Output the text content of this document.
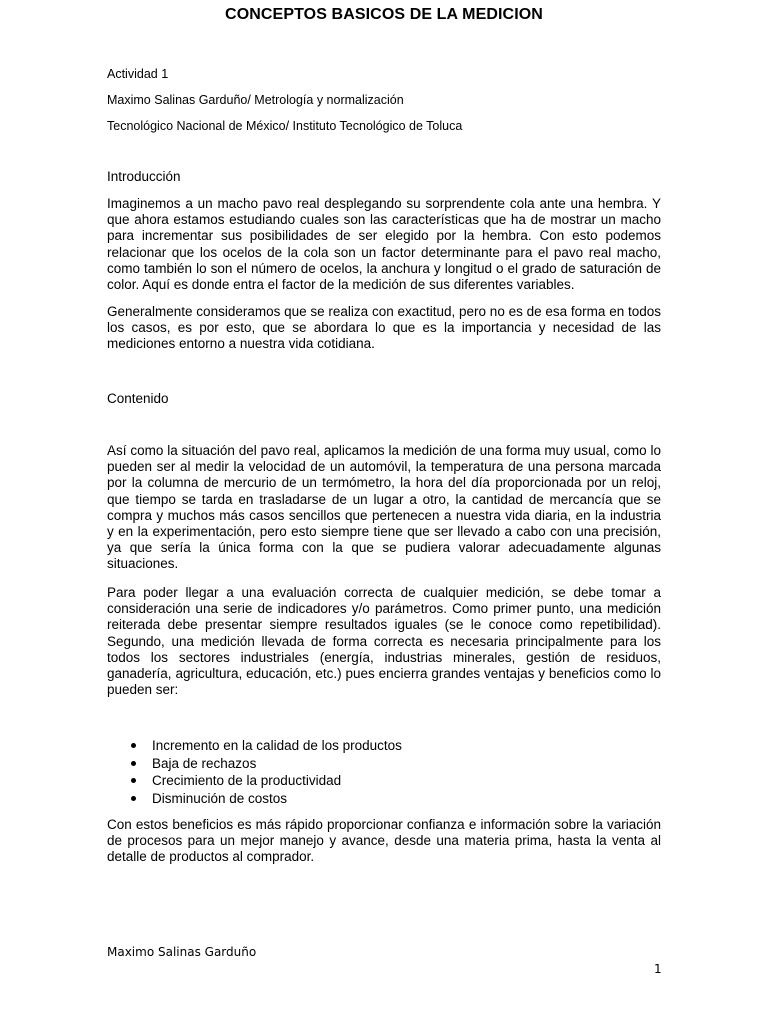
CONCEPTOS BASICOS DE LA MEDICION
Actividad 1
Maximo Salinas Garduño/ Metrología y normalización
Tecnológico Nacional de México/ Instituto Tecnológico de Toluca
Introducción

Imaginemos a un macho pavo real desplegando su sorprendente cola ante una hembra. Y que ahora estamos estudiando cuales son las características que ha de mostrar un macho para incrementar sus posibilidades de ser elegido por la hembra. Con esto podemos relacionar que los ocelos de la cola son un factor determinante para el pavo real macho, como también lo son el número de ocelos, la anchura y longitud o el grado de saturación de color. Aquí es donde entra el factor de la medición de sus diferentes variables.

Generalmente consideramos que se realiza con exactitud, pero no es de esa forma en todos los casos, es por esto, que se abordara lo que es la importancia y necesidad de las mediciones entorno a nuestra vida cotidiana.

Contenido

Así como la situación del pavo real, aplicamos la medición de una forma muy usual, como lo pueden ser al medir la velocidad de un automóvil, la temperatura de una persona marcada por la columna de mercurio de un termómetro, la hora del día proporcionada por un reloj, que tiempo se tarda en trasladarse de un lugar a otro, la cantidad de mercancía que se compra y muchos más casos sencillos que pertenecen a nuestra vida diaria, en la industria y en la experimentación, pero esto siempre tiene que ser llevado a cabo con una precisión, ya que sería la única forma con la que se pudiera valorar adecuadamente algunas situaciones.

Para poder llegar a una evaluación correcta de cualquier medición, se debe tomar a consideración una serie de indicadores y/o parámetros. Como primer punto, una medición reiterada debe presentar siempre resultados iguales (se le conoce como repetibilidad). Segundo, una medición llevada de forma correcta es necesaria principalmente para los todos los sectores industriales (energía, industrias minerales, gestión de residuos, ganadería, agricultura, educación, etc.) pues encierra grandes ventajas y beneficios como lo pueden ser:

Incremento en la calidad de los productos
Baja de rechazos
Crecimiento de la productividad
Disminución de costos

Con estos beneficios es más rápido proporcionar confianza e información sobre la variación de procesos para un mejor manejo y avance, desde una materia prima, hasta la venta al detalle de productos al comprador.

Maximo Salinas Garduño
1
